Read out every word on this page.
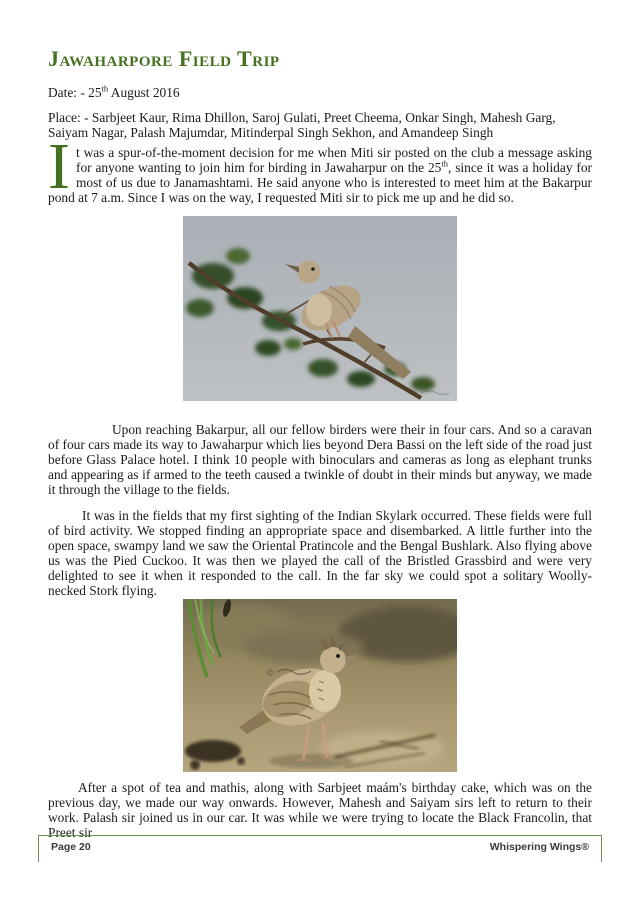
Jawaharpore Field Trip

Date: - 25th August 2016

Place: - Sarbjeet Kaur, Rima Dhillon, Saroj Gulati, Preet Cheema, Onkar Singh, Mahesh Garg, Saiyam Nagar, Palash Majumdar, Mitinderpal Singh Sekhon, and Amandeep Singh

It was a spur-of-the-moment decision for me when Miti sir posted on the club a message asking for anyone wanting to join him for birding in Jawaharpur on the 25th, since it was a holiday for most of us due to Janamashtami. He said anyone who is interested to meet him at the Bakarpur pond at 7 a.m. Since I was on the way, I requested Miti sir to pick me up and he did so.

©

Upon reaching Bakarpur, all our fellow birders were their in four cars. And so a caravan of four cars made its way to Jawaharpur which lies beyond Dera Bassi on the left side of the road just before Glass Palace hotel. I think 10 people with binoculars and cameras as long as elephant trunks and appearing as if armed to the teeth caused a twinkle of doubt in their minds but anyway, we made it through the village to the fields.

It was in the fields that my first sighting of the Indian Skylark occurred. These fields were full of bird activity. We stopped finding an appropriate space and disembarked. A little further into the open space, swampy land we saw the Oriental Pratincole and the Bengal Bushlark. Also flying above us was the Pied Cuckoo. It was then we played the call of the Bristled Grassbird and were very delighted to see it when it responded to the call. In the far sky we could spot a solitary Woolly-necked Stork flying.

©

After a spot of tea and mathis, along with Sarbjeet maám's birthday cake, which was on the previous day, we made our way onwards. However, Mahesh and Saiyam sirs left to return to their work. Palash sir joined us in our car. It was while we were trying to locate the Black Francolin, that Preet sir

Page 20	Whispering Wings®
